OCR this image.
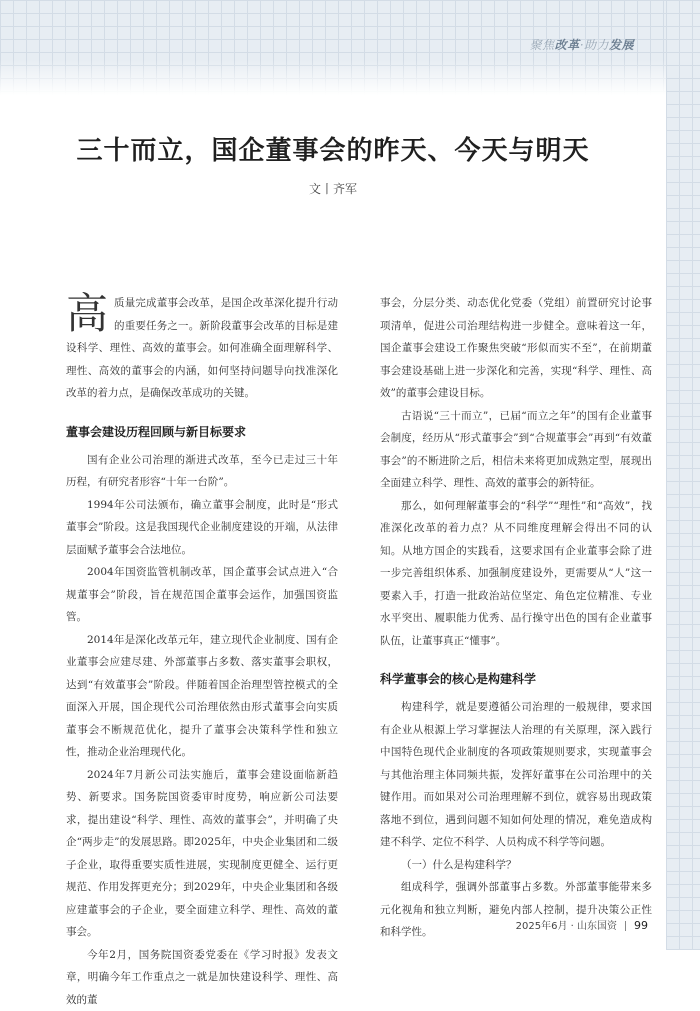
聚焦改革·助力发展
三十而立，国企董事会的昨天、今天与明天
文丨齐军

高质量完成董事会改革，是国企改革深化提升行动的重要任务之一。新阶段董事会改革的目标是建设科学、理性、高效的董事会。如何准确全面理解科学、理性、高效的董事会的内涵，如何坚持问题导向找准深化改革的着力点，是确保改革成功的关键。

董事会建设历程回顾与新目标要求

国有企业公司治理的渐进式改革，至今已走过三十年历程，有研究者形容“十年一台阶”。

1994年公司法颁布，确立董事会制度，此时是“形式董事会”阶段。这是我国现代企业制度建设的开端，从法律层面赋予董事会合法地位。

2004年国资监管机制改革，国企董事会试点进入“合规董事会”阶段，旨在规范国企董事会运作，加强国资监管。

2014年是深化改革元年，建立现代企业制度、国有企业董事会应建尽建、外部董事占多数、落实董事会职权，达到“有效董事会”阶段。伴随着国企治理型管控模式的全面深入开展，国企现代公司治理依然由形式董事会向实质董事会不断规范优化，提升了董事会决策科学性和独立性，推动企业治理现代化。

2024年7月新公司法实施后，董事会建设面临新趋势、新要求。国务院国资委审时度势，响应新公司法要求，提出建设“科学、理性、高效的董事会”，并明确了央企“两步走”的发展思路。即2025年，中央企业集团和二级子企业，取得重要实质性进展，实现制度更健全、运行更规范、作用发挥更充分；到2029年，中央企业集团和各级应建董事会的子企业，要全面建立科学、理性、高效的董事会。

今年2月，国务院国资委党委在《学习时报》发表文章，明确今年工作重点之一就是加快建设科学、理性、高效的董

事会，分层分类、动态优化党委（党组）前置研究讨论事项清单，促进公司治理结构进一步健全。意味着这一年，国企董事会建设工作聚焦突破“形似而实不至”，在前期董事会建设基础上进一步深化和完善，实现“科学、理性、高效”的董事会建设目标。

古语说“三十而立”，已届“而立之年”的国有企业董事会制度，经历从“形式董事会”到“合规董事会”再到“有效董事会”的不断进阶之后，相信未来将更加成熟定型，展现出全面建立科学、理性、高效的董事会的新特征。

那么，如何理解董事会的“科学”“理性”和“高效”，找准深化改革的着力点？从不同维度理解会得出不同的认知。从地方国企的实践看，这要求国有企业董事会除了进一步完善组织体系、加强制度建设外，更需要从“人”这一要素入手，打造一批政治站位坚定、角色定位精准、专业水平突出、履职能力优秀、品行操守出色的国有企业董事队伍，让董事真正“懂事”。

科学董事会的核心是构建科学

构建科学，就是要遵循公司治理的一般规律，要求国有企业从根源上学习掌握法人治理的有关原理，深入践行中国特色现代企业制度的各项政策规则要求，实现董事会与其他治理主体同频共振，发挥好董事在公司治理中的关键作用。而如果对公司治理理解不到位，就容易出现政策落地不到位，遇到问题不知如何处理的情况，难免造成构建不科学、定位不科学、人员构成不科学等问题。

（一）什么是构建科学？

组成科学，强调外部董事占多数。外部董事能带来多元化视角和独立判断，避免内部人控制，提升决策公正性和科学性。	2025年6月 · 山东国资 99
